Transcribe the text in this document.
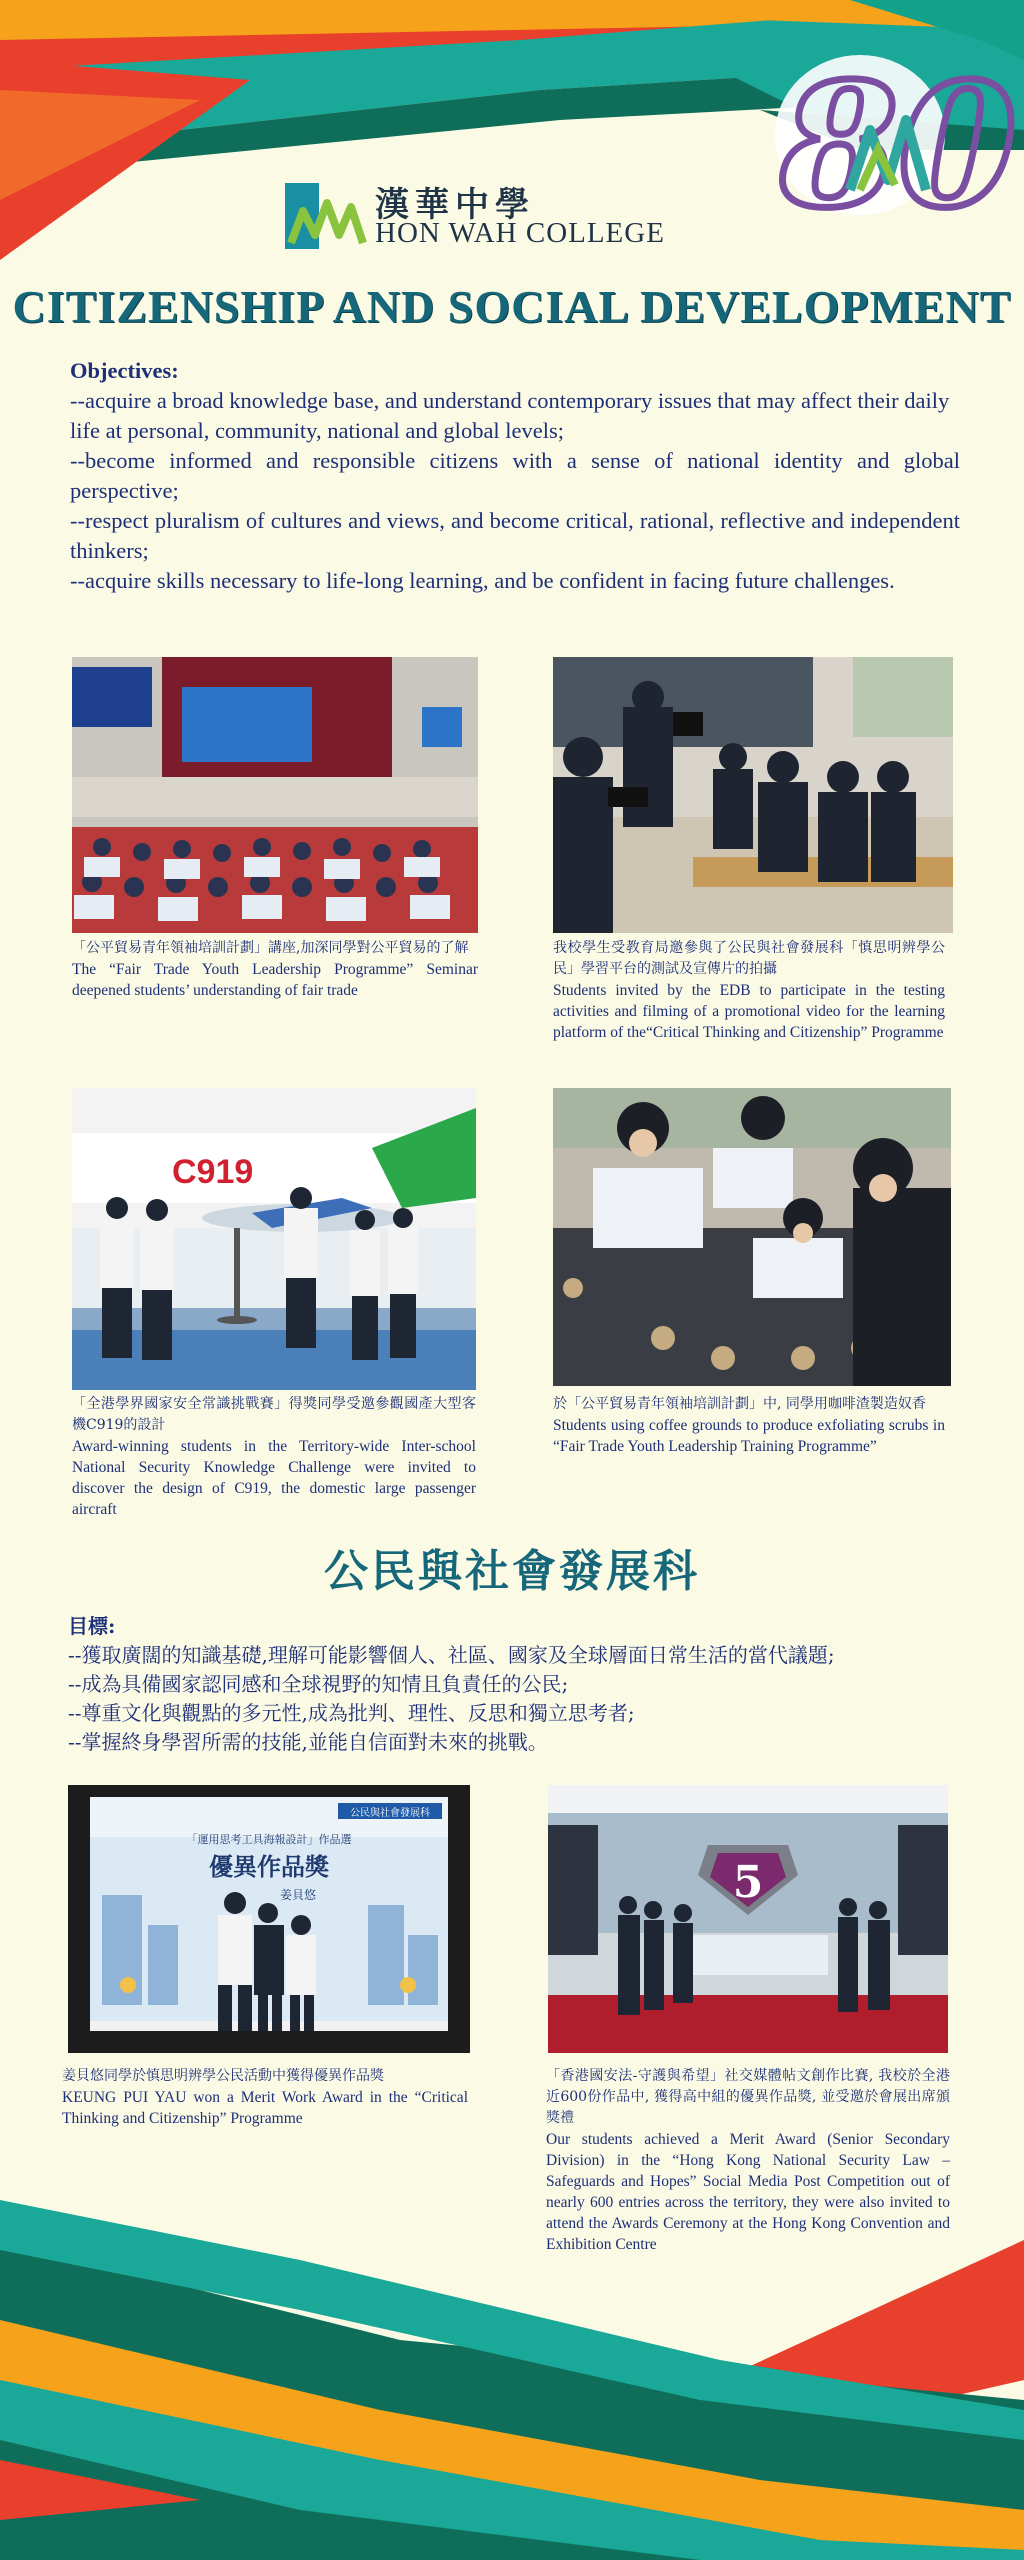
漢華中學
HON WAH COLLEGE 80
CITIZENSHIP AND SOCIAL DEVELOPMENT
Objectives:
--acquire a broad knowledge base, and understand contemporary issues that may affect their daily
life at personal, community, national and global levels;
--become informed and responsible citizens with a sense of national identity and global perspective;
--respect pluralism of cultures and views, and become critical, rational, reflective and independent thinkers;
--acquire skills necessary to life-long learning, and be confident in facing future challenges.
「公平貿易青年領袖培訓計劃」講座,加深同學對公平貿易的了解
The “Fair Trade Youth Leadership Programme” Seminar deepened students’ understanding of fair trade
我校學生受教育局邀參與了公民與社會發展科「慎思明辨學公民」學習平台的測試及宣傳片的拍攝
Students invited by the EDB to participate in the testing activities and filming of a promotional video for the learning platform of the“Critical Thinking and Citizenship” Programme
C919
「全港學界國家安全常識挑戰賽」得獎同學受邀參觀國產大型客機C919的設計
Award-winning students in the Territory-wide Inter-school National Security Knowledge Challenge were invited to discover the design of C919, the domestic large passenger aircraft
於「公平貿易青年領袖培訓計劃」中, 同學用咖啡渣製造奴香
Students using coffee grounds to produce exfoliating scrubs in “Fair Trade Youth Leadership Training Programme”
公民與社會發展科
目標:
--獲取廣闊的知識基礎,理解可能影響個人、社區、國家及全球層面日常生活的當代議題;
--成為具備國家認同感和全球視野的知情且負責任的公民;
--尊重文化與觀點的多元性,成為批判、理性、反思和獨立思考者;
--掌握終身學習所需的技能,並能自信面對未來的挑戰。
公民與社會發展科
「運用思考工具海報設計」作品選
優異作品獎
姜貝悠
姜貝悠同學於慎思明辨學公民活動中獲得優異作品獎
KEUNG PUI YAU won a Merit Work Award in the “Critical Thinking and Citizenship” Programme
5
「香港國安法-守護與希望」社交媒體帖文創作比賽, 我校於全港近600份作品中, 獲得高中組的優異作品獎, 並受邀於會展出席頒獎禮
Our students achieved a Merit Award (Senior Secondary Division) in the “Hong Kong National Security Law – Safeguards and Hopes” Social Media Post Competition out of nearly 600 entries across the territory, they were also invited to attend the Awards Ceremony at the Hong Kong Convention and Exhibition Centre
